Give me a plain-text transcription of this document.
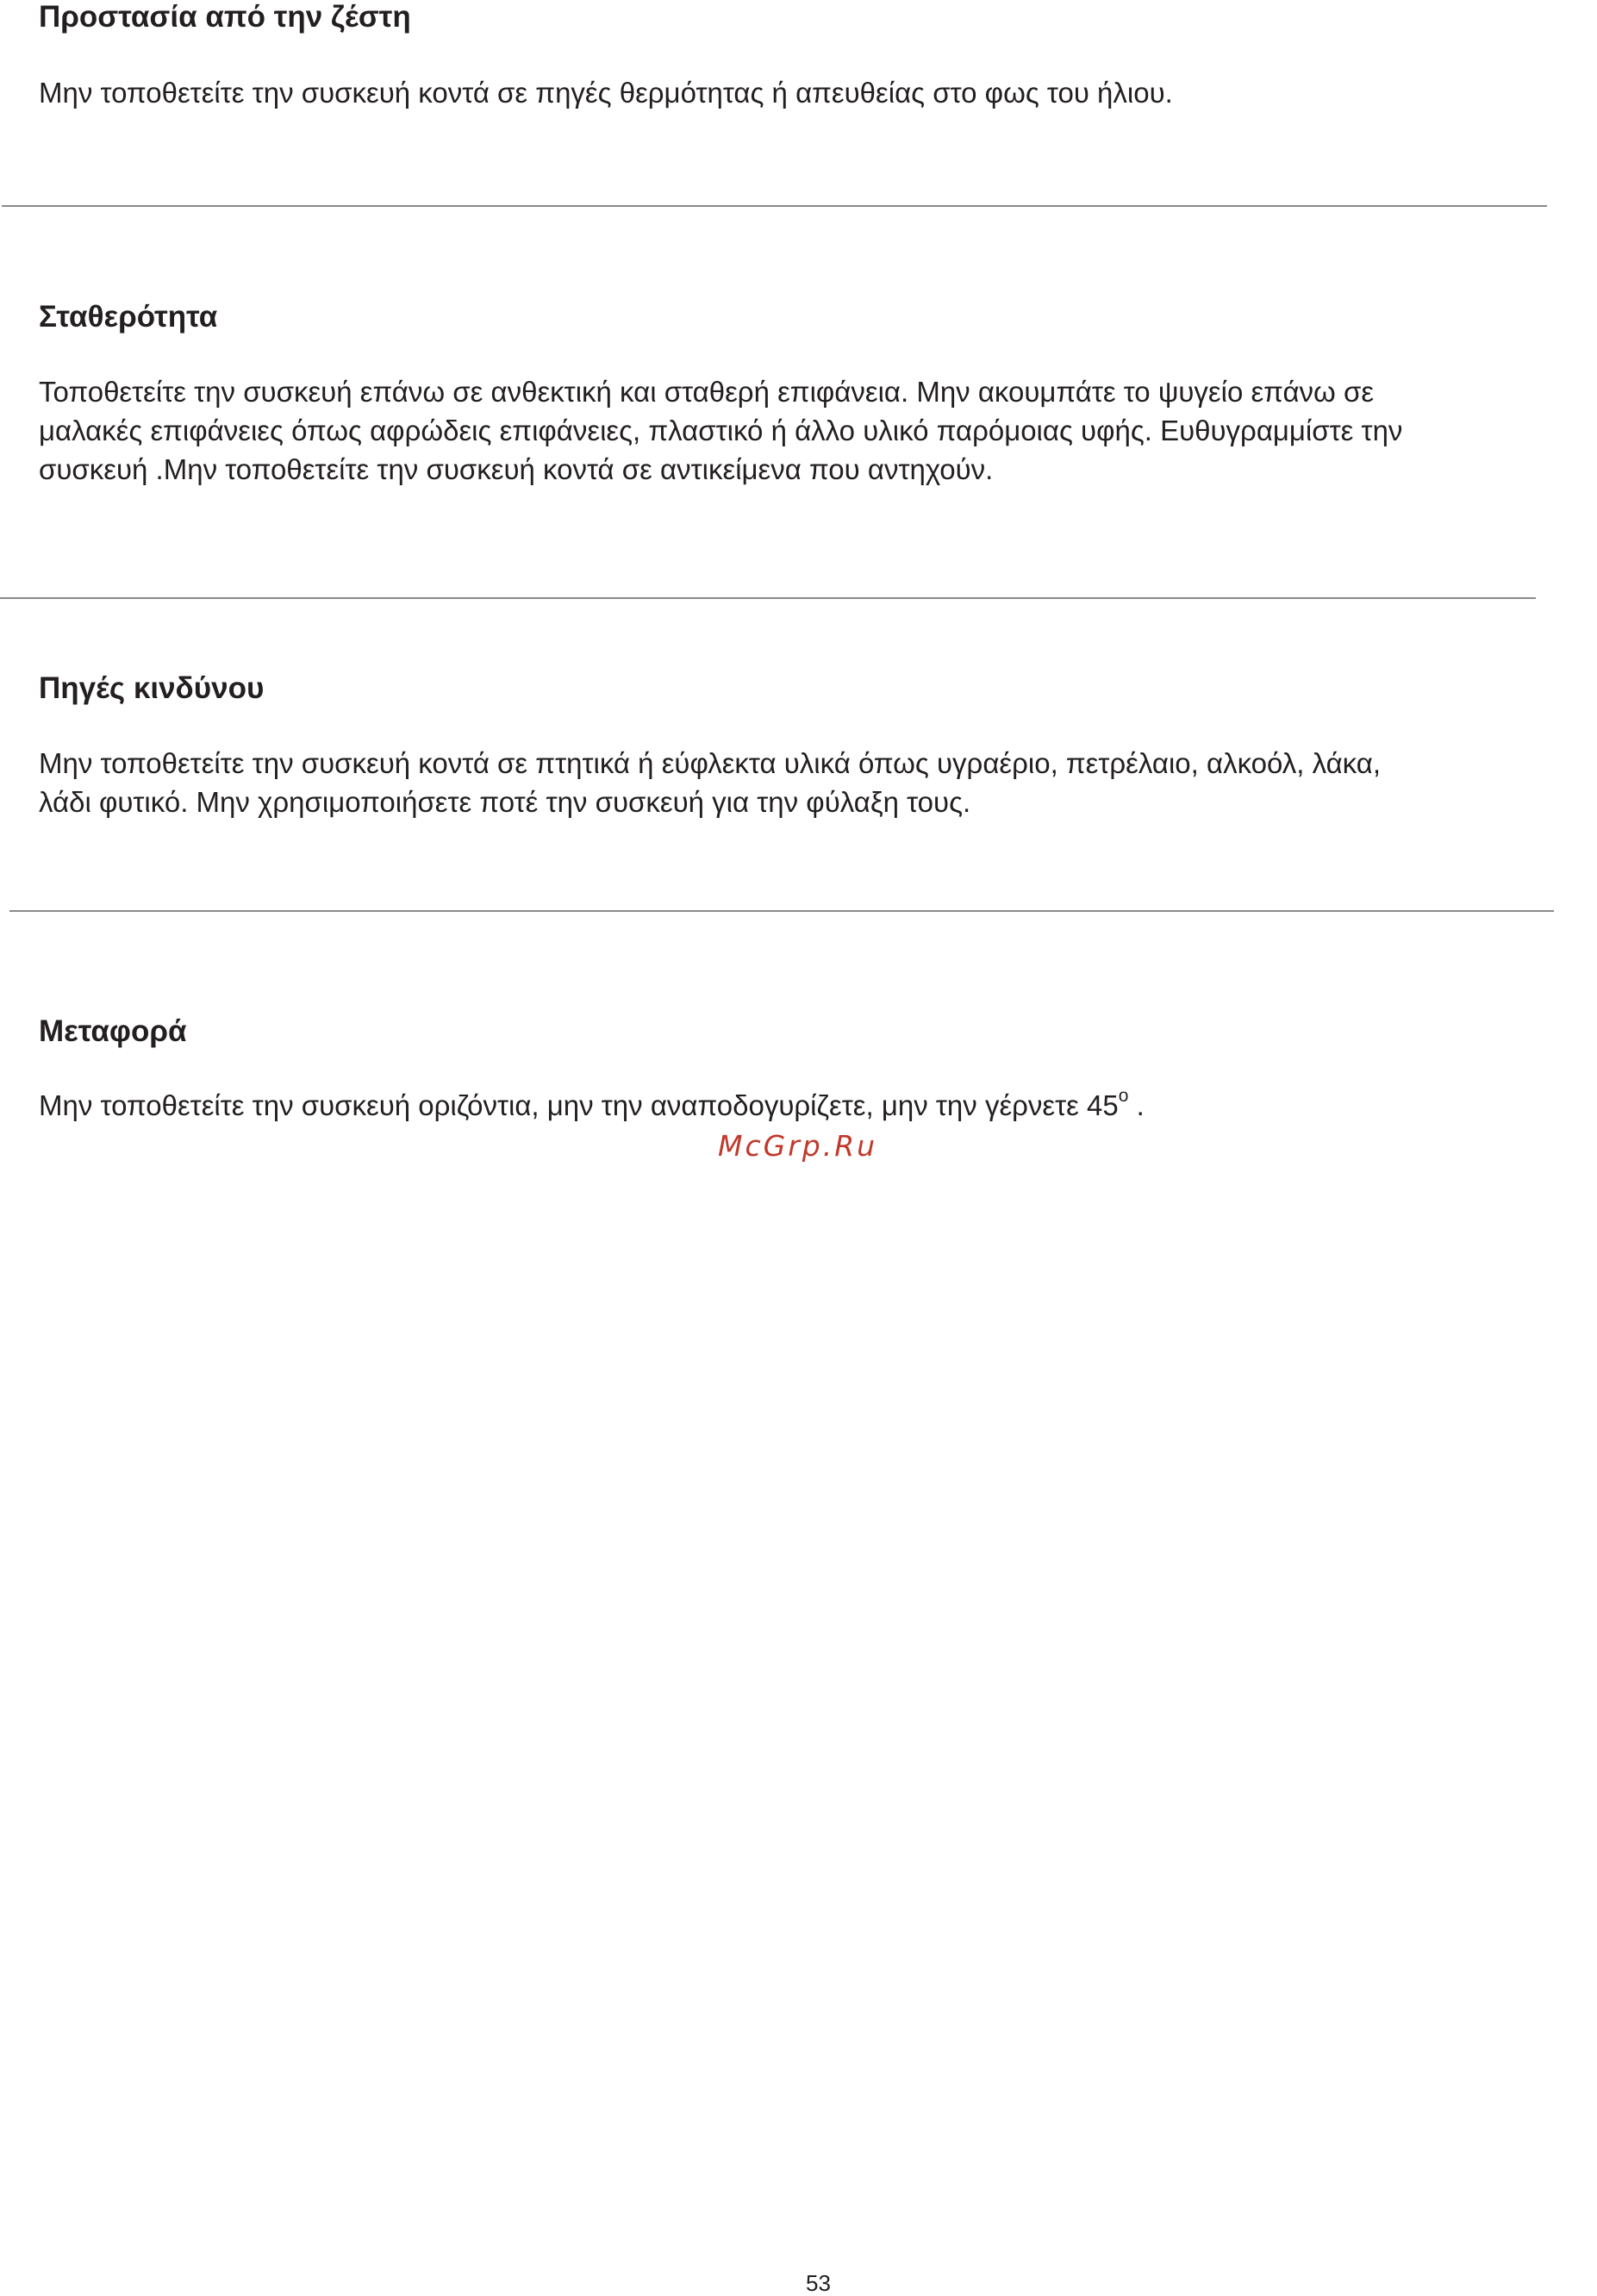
Προστασία από την ζέστη

Μην τοποθετείτε την συσκευή κοντά σε πηγές θερμότητας ή απευθείας στο φως του ήλιου.

Σταθερότητα

Τοποθετείτε την συσκευή επάνω σε ανθεκτική και σταθερή επιφάνεια. Μην ακουμπάτε το ψυγείο επάνω σε
μαλακές επιφάνειες όπως αφρώδεις επιφάνειες, πλαστικό ή άλλο υλικό παρόμοιας υφής. Ευθυγραμμίστε την
συσκευή .Μην τοποθετείτε την συσκευή κοντά σε αντικείμενα που αντηχούν.

Πηγές κινδύνου

Μην τοποθετείτε την συσκευή κοντά σε πτητικά ή εύφλεκτα υλικά όπως υγραέριο, πετρέλαιο, αλκοόλ, λάκα,
λάδι φυτικό. Μην χρησιμοποιήσετε ποτέ την συσκευή για την φύλαξη τους.

Μεταφορά

Μην τοποθετείτε την συσκευή οριζόντια, μην την αναποδογυρίζετε, μην την γέρνετε 45$^o$ .

McGrp.Ru
53
